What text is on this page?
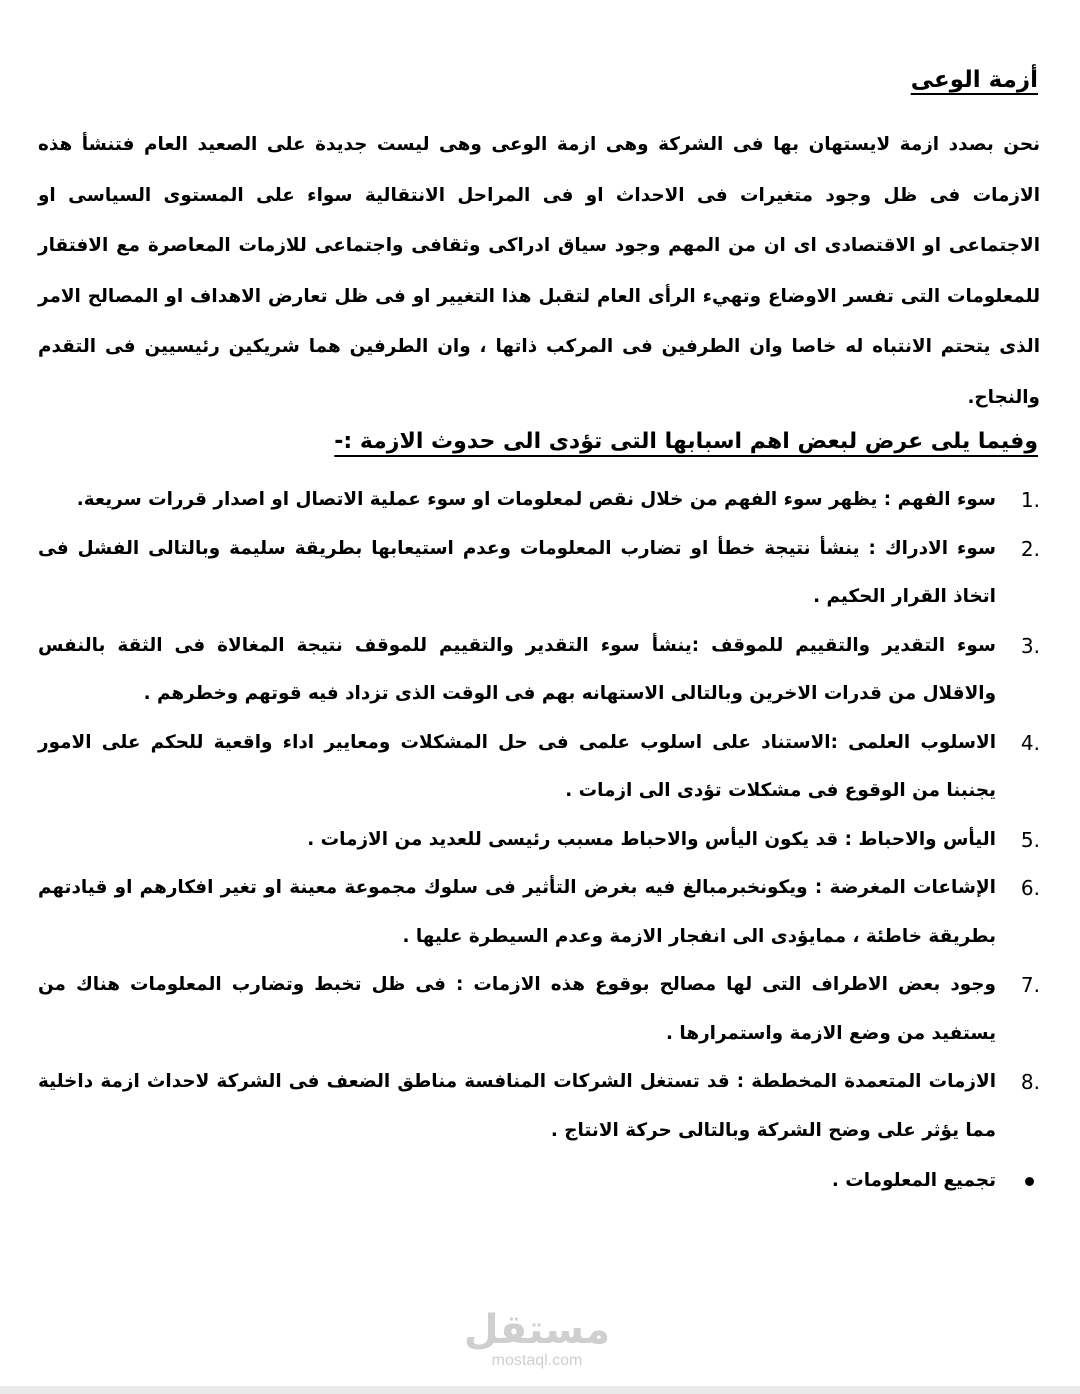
أزمة الوعى

نحن بصدد ازمة لايستهان بها فى الشركة وهى ازمة الوعى وهى ليست جديدة على الصعيد العام فتنشأ هذه الازمات فى ظل وجود متغيرات فى الاحداث او فى المراحل الانتقالية سواء على المستوى السياسى او الاجتماعى او الاقتصادى اى ان من المهم وجود سياق ادراكى وثقافى واجتماعى للازمات المعاصرة مع الافتقار للمعلومات التى تفسر الاوضاع وتهيء الرأى العام لتقبل هذا التغيير او فى ظل تعارض الاهداف او المصالح الامر الذى يتحتم الانتباه له خاصا وان الطرفين فى المركب ذاتها ، وان الطرفين هما شريكين رئيسيين فى التقدم والنجاح.

وفيما يلى عرض لبعض اهم اسبابها التى تؤدى الى حدوث الازمة :-
1.
سوء الفهم : يظهر سوء الفهم من خلال نقص لمعلومات او سوء عملية الاتصال او اصدار قررات سريعة.
2.
سوء الادراك : ينشأ نتيجة خطأ او تضارب المعلومات وعدم استيعابها بطريقة سليمة وبالتالى الفشل فى اتخاذ القرار الحكيم .
3.
سوء التقدير والتقييم للموقف :ينشأ سوء التقدير والتقييم للموقف نتيجة المغالاة فى الثقة بالنفس والاقلال من قدرات الاخرين وبالتالى الاستهانه بهم فى الوقت الذى تزداد فيه قوتهم وخطرهم .
4.
الاسلوب العلمى :الاستناد على اسلوب علمى فى حل المشكلات ومعايير اداء واقعية للحكم على الامور يجنبنا من الوقوع فى مشكلات تؤدى الى ازمات .
5.
اليأس والاحباط : قد يكون اليأس والاحباط مسبب رئيسى للعديد من الازمات .
6.
الإشاعات المغرضة : ويكونخبرمبالغ فيه بغرض التأثير فى سلوك مجموعة معينة او تغير افكارهم او قيادتهم بطريقة خاطئة ، ممايؤدى الى انفجار الازمة وعدم السيطرة عليها .
7.
وجود بعض الاطراف التى لها مصالح بوقوع هذه الازمات : فى ظل تخبط وتضارب المعلومات هناك من يستفيد من وضع الازمة واستمرارها .
8.
الازمات المتعمدة المخططة : قد تستغل الشركات المنافسة مناطق الضعف فى الشركة لاحداث ازمة داخلية مما يؤثر على وضح الشركة وبالتالى حركة الانتاج .
تجميع المعلومات .
مستقل
mostaql.com
